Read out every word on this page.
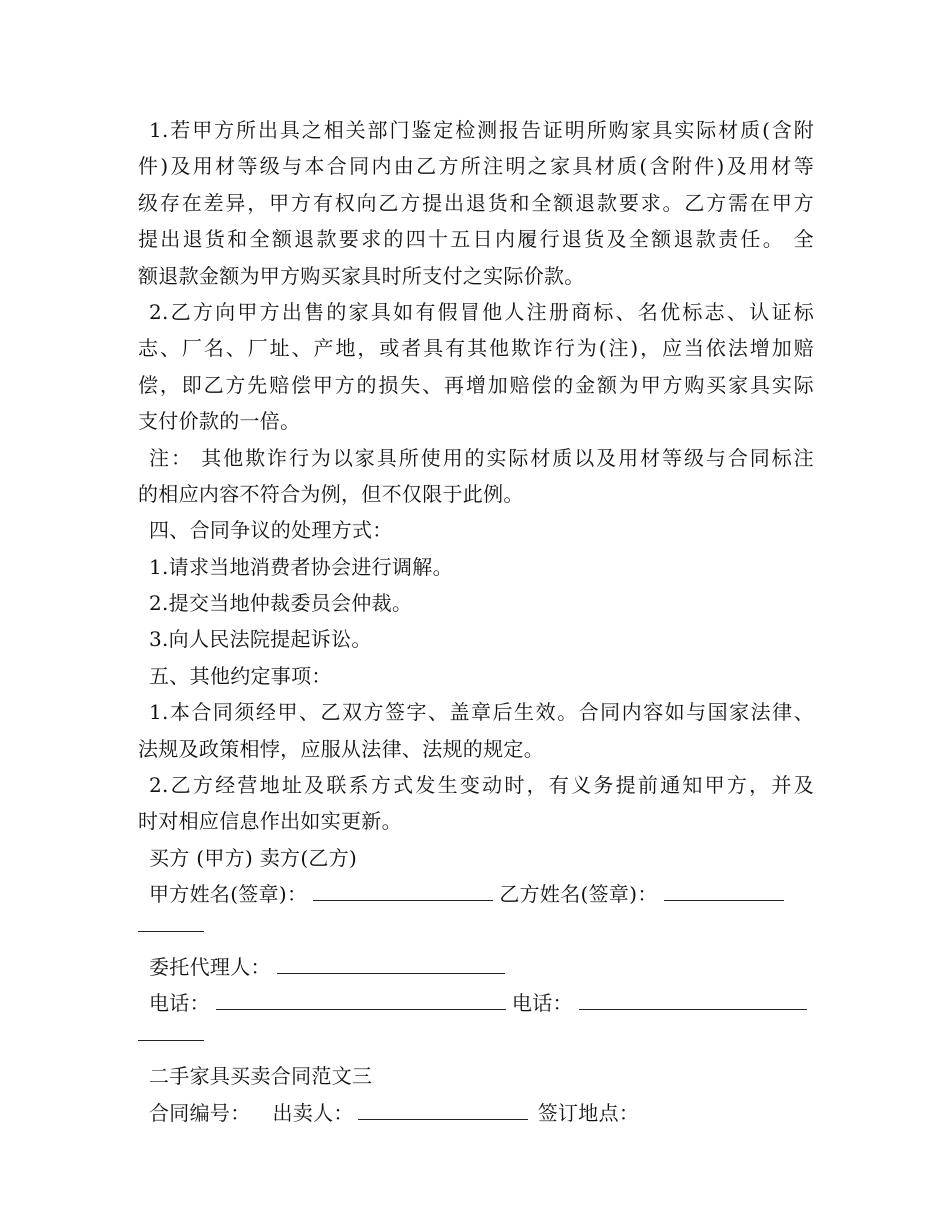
1.若甲方所出具之相关部门鉴定检测报告证明所购家具实际材质(含附
件)及用材等级与本合同内由乙方所注明之家具材质(含附件)及用材等
级存在差异，甲方有权向乙方提出退货和全额退款要求。乙方需在甲方
提出退货和全额退款要求的四十五日内履行退货及全额退款责任。 全
额退款金额为甲方购买家具时所支付之实际价款。
2.乙方向甲方出售的家具如有假冒他人注册商标、名优标志、认证标
志、厂名、厂址、产地，或者具有其他欺诈行为(注)，应当依法增加赔
偿，即乙方先赔偿甲方的损失、再增加赔偿的金额为甲方购买家具实际
支付价款的一倍。
注： 其他欺诈行为以家具所使用的实际材质以及用材等级与合同标注
的相应内容不符合为例，但不仅限于此例。
四、合同争议的处理方式：
1.请求当地消费者协会进行调解。
2.提交当地仲裁委员会仲裁。
3.向人民法院提起诉讼。
五、其他约定事项：
1.本合同须经甲、乙双方签字、盖章后生效。合同内容如与国家法律、
法规及政策相悖，应服从法律、法规的规定。
2.乙方经营地址及联系方式发生变动时，有义务提前通知甲方，并及
时对相应信息作出如实更新。
买方 (甲方) 卖方(乙方)
甲方姓名(签章)：	乙方姓名(签章)：
委托代理人：
电话：	电话：
二手家具买卖合同范文三
合同编号： 出卖人：	签订地点：
